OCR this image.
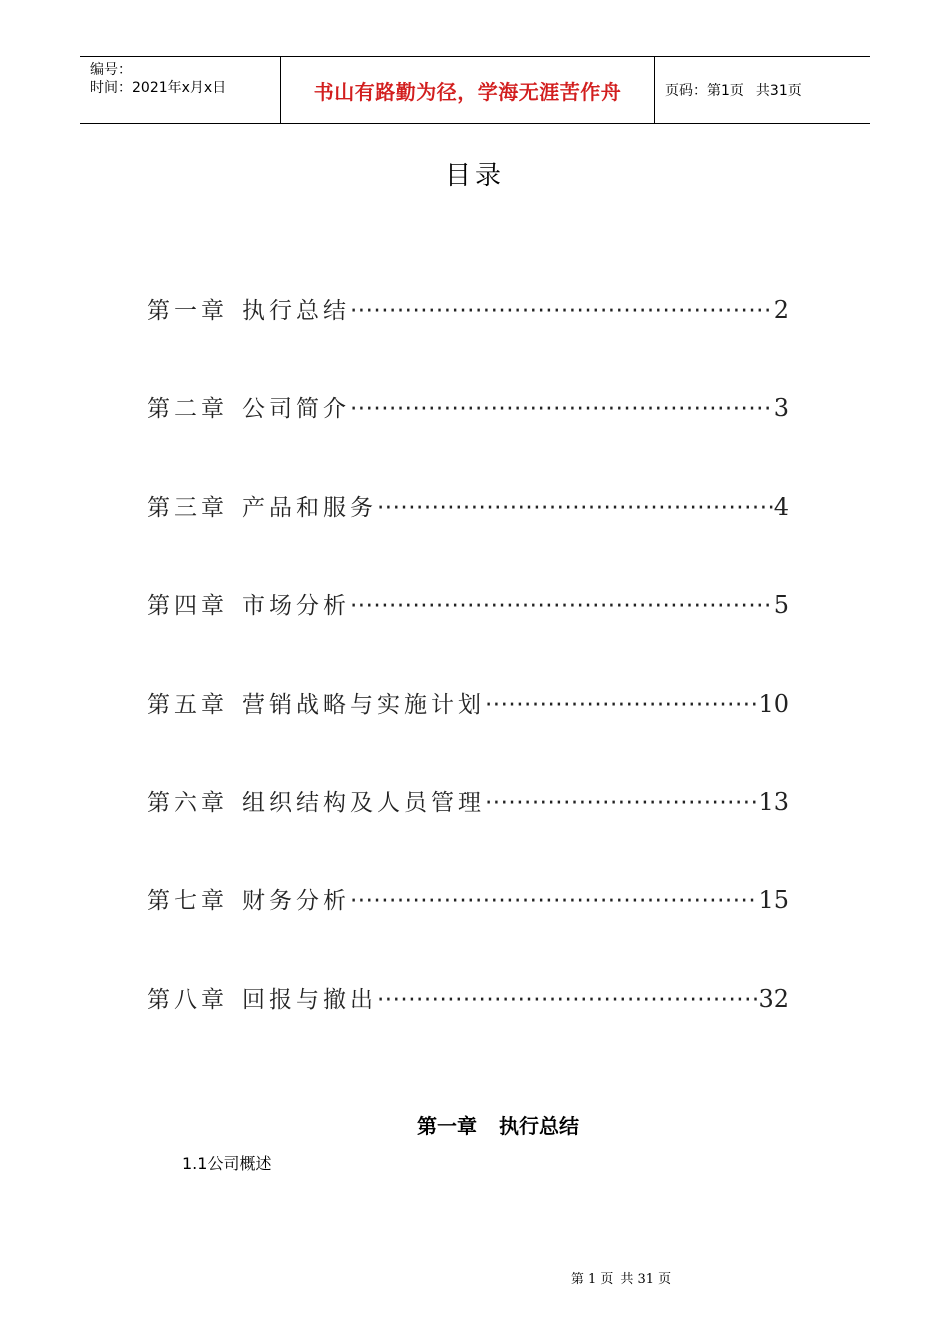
编号：
时间：2021年x月x日	书山有路勤为径，学海无涯苦作舟	页码：第1页 共31页
目录
第一章 执行总结 ·····	2
第二章 公司简介 ·····	3
第三章 产品和服务 ·····	4
第四章 市场分析 ·····	5
第五章 营销战略与实施计划 ·····	10
第六章 组织结构及人员管理 ·····	13
第七章 财务分析 ·····	15
第八章 回报与撤出 ·····	32
第一章 执行总结
1.1公司概述
第 1 页 共 31 页
